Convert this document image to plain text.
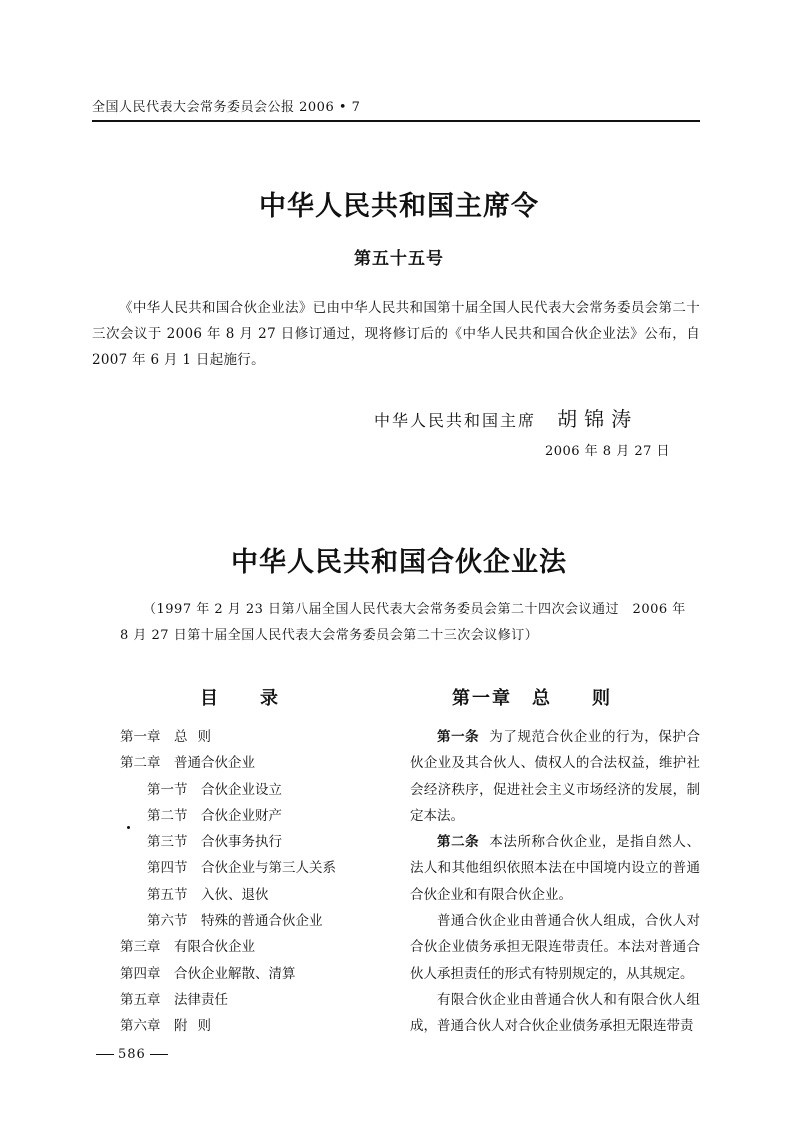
全国人民代表大会常务委员会公报 2006 • 7
中华人民共和国主席令
第五十五号
《中华人民共和国合伙企业法》已由中华人民共和国第十届全国人民代表大会常务委员会第二十三次会议于 2006 年 8 月 27 日修订通过，现将修订后的《中华人民共和国合伙企业法》公布，自 2007 年 6 月 1 日起施行。
中华人民共和国主席 胡锦涛
2006 年 8 月 27 日
中华人民共和国合伙企业法
（1997 年 2 月 23 日第八届全国人民代表大会常务委员会第二十四次会议通过　2006 年 8 月 27 日第十届全国人民代表大会常务委员会第二十三次会议修订）
目 录	第一章　总　　则
第一章 总则
第二章 普通合伙企业
第一节 合伙企业设立
第二节 合伙企业财产
第三节 合伙事务执行
第四节 合伙企业与第三人关系
第五节 入伙、退伙
第六节 特殊的普通合伙企业
第三章 有限合伙企业
第四章 合伙企业解散、清算
第五章 法律责任
第六章 附则

第一条 为了规范合伙企业的行为，保护合伙企业及其合伙人、债权人的合法权益，维护社会经济秩序，促进社会主义市场经济的发展，制定本法。

第二条 本法所称合伙企业，是指自然人、法人和其他组织依照本法在中国境内设立的普通合伙企业和有限合伙企业。

普通合伙企业由普通合伙人组成，合伙人对合伙企业债务承担无限连带责任。本法对普通合伙人承担责任的形式有特别规定的，从其规定。

有限合伙企业由普通合伙人和有限合伙人组成，普通合伙人对合伙企业债务承担无限连带责

586
